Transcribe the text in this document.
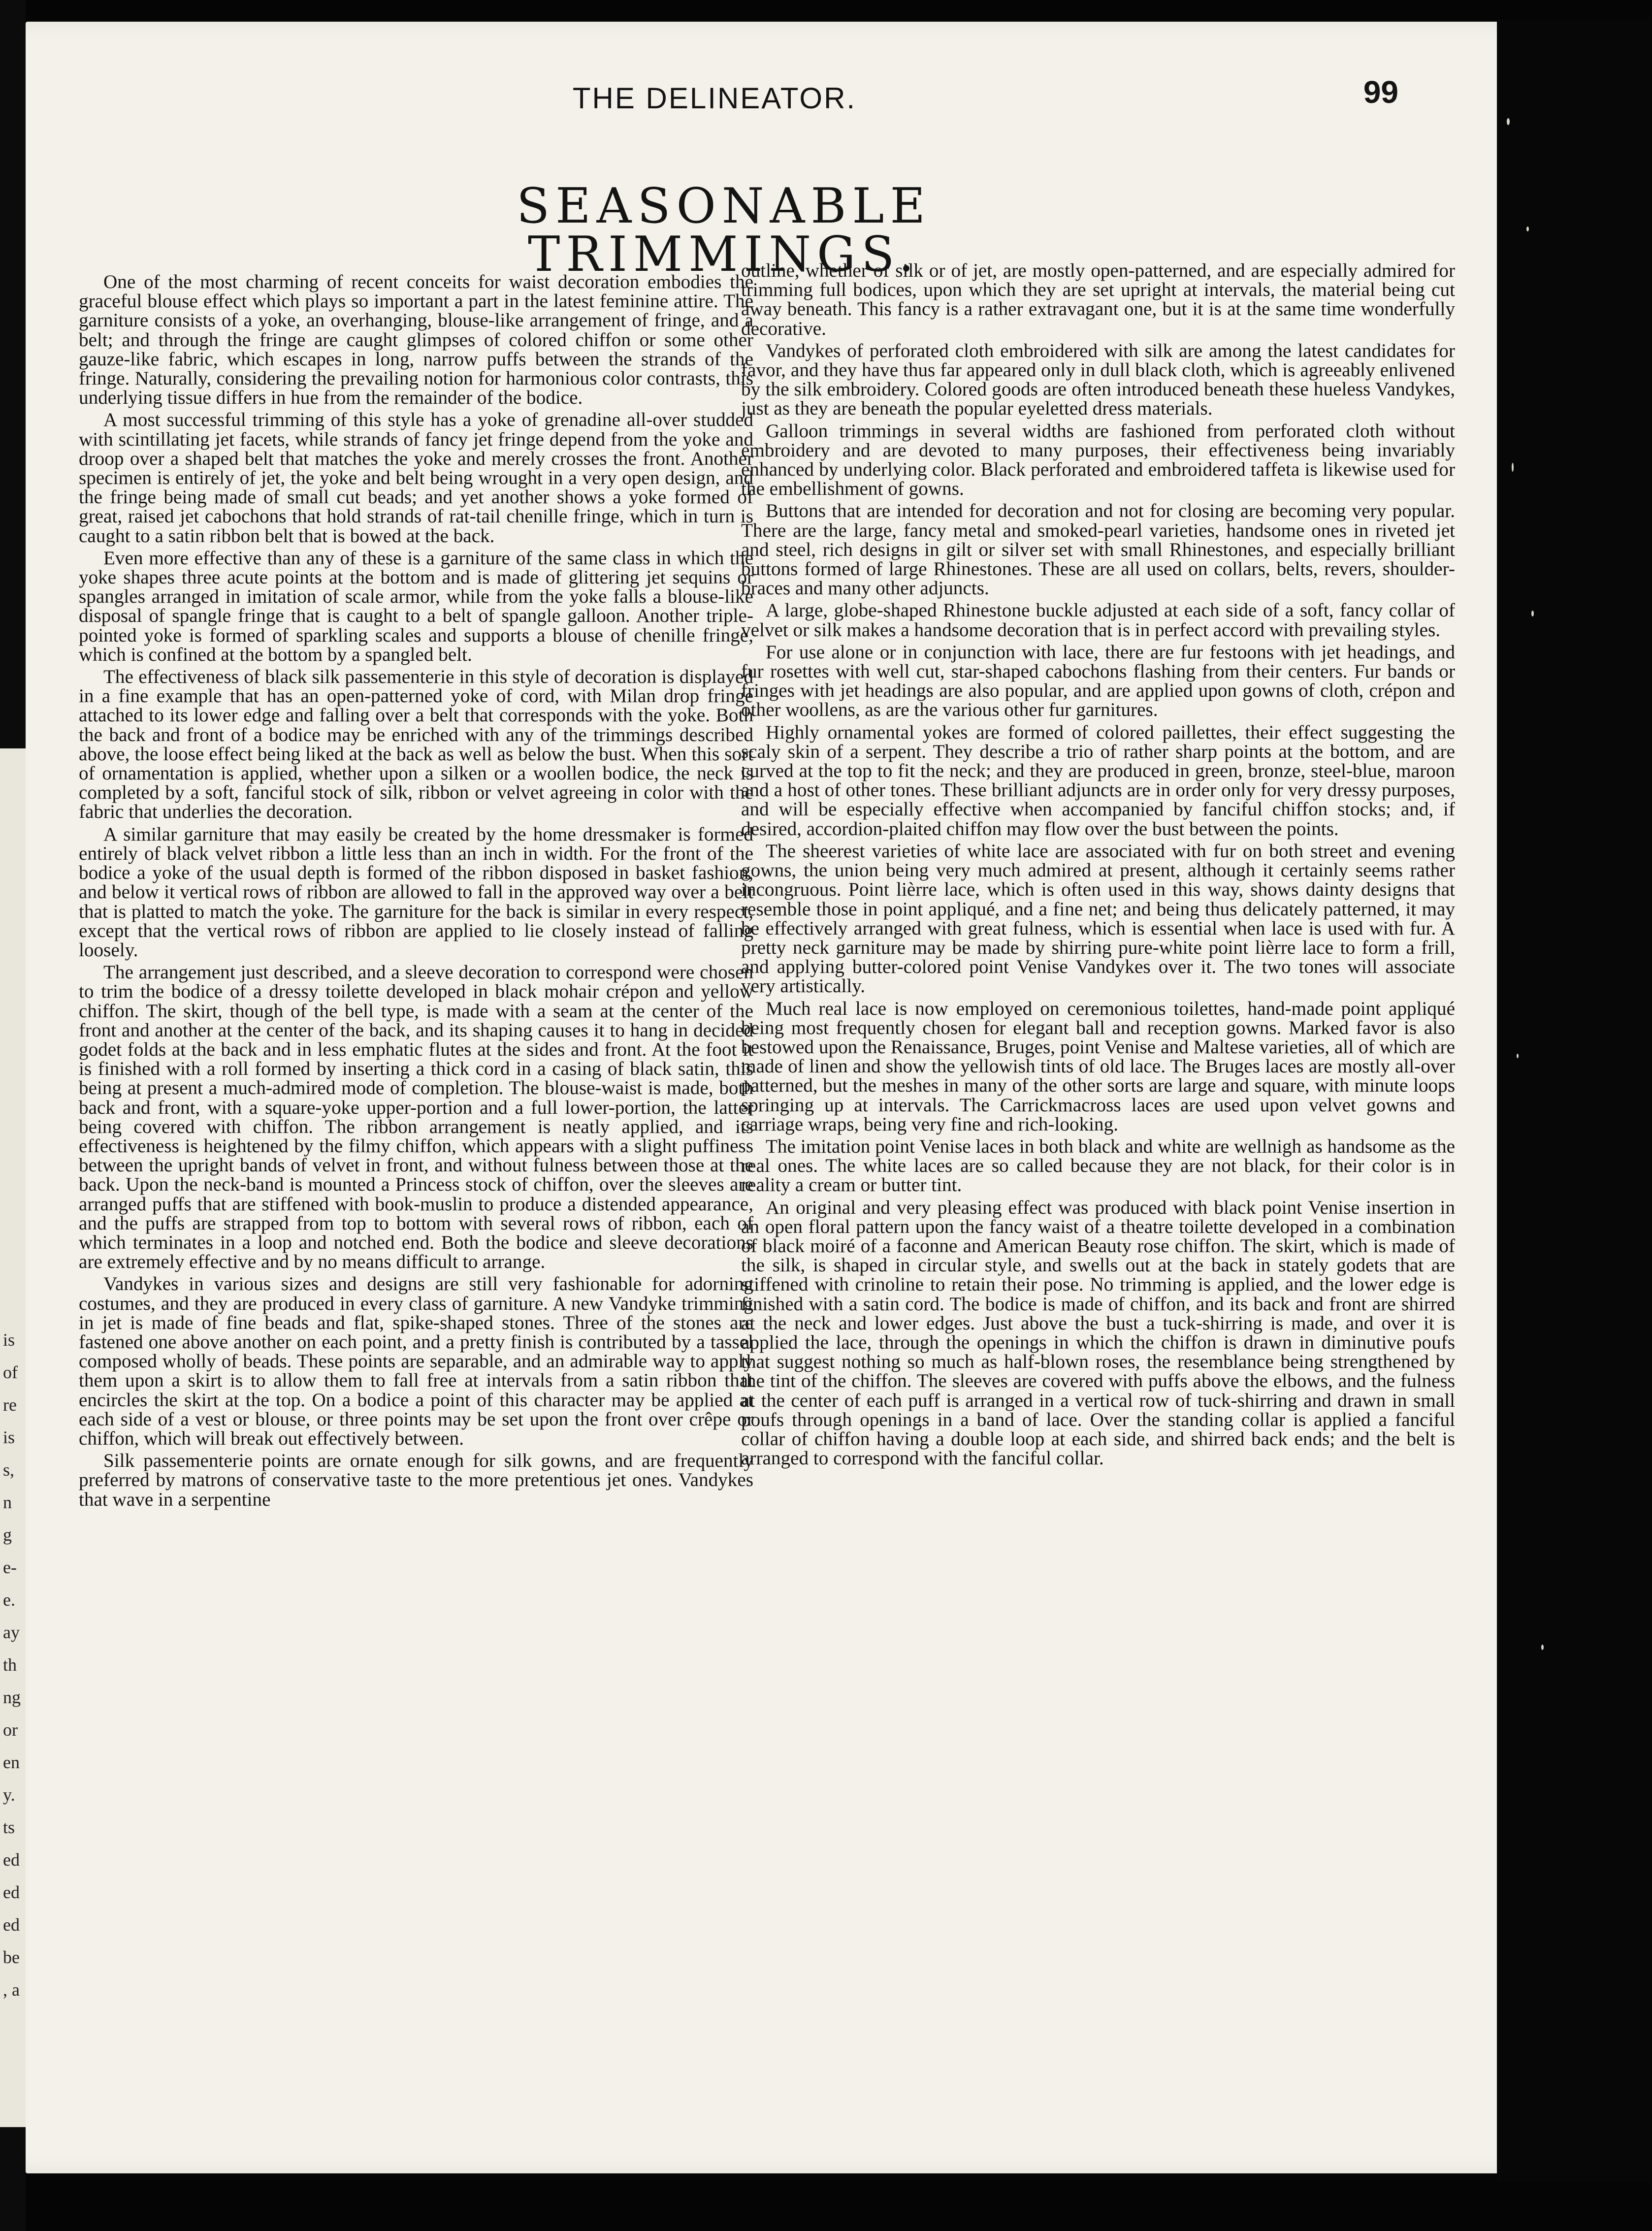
is
of
re
is
s,
n
g
e-
e.
ay
th
ng
or
en
y.
ts
ed
ed
ed
be
, a
THE DELINEATOR.	99
SEASONABLE TRIMMINGS.

One of the most charming of recent conceits for waist decoration embodies the graceful blouse effect which plays so important a part in the latest feminine attire. The garniture consists of a yoke, an overhanging, blouse-like arrangement of fringe, and a belt; and through the fringe are caught glimpses of colored chiffon or some other gauze-like fabric, which escapes in long, narrow puffs between the strands of the fringe. Naturally, considering the prevailing notion for harmonious color contrasts, this underlying tissue differs in hue from the remainder of the bodice.

A most successful trimming of this style has a yoke of grenadine all-over studded with scintillating jet facets, while strands of fancy jet fringe depend from the yoke and droop over a shaped belt that matches the yoke and merely crosses the front. Another specimen is entirely of jet, the yoke and belt being wrought in a very open design, and the fringe being made of small cut beads; and yet another shows a yoke formed of great, raised jet cabochons that hold strands of rat-tail chenille fringe, which in turn is caught to a satin ribbon belt that is bowed at the back.

Even more effective than any of these is a garniture of the same class in which the yoke shapes three acute points at the bottom and is made of glittering jet sequins or spangles arranged in imitation of scale armor, while from the yoke falls a blouse-like disposal of spangle fringe that is caught to a belt of spangle galloon. Another triple-pointed yoke is formed of sparkling scales and supports a blouse of chenille fringe, which is confined at the bottom by a spangled belt.

The effectiveness of black silk passementerie in this style of decoration is displayed in a fine example that has an open-patterned yoke of cord, with Milan drop fringe attached to its lower edge and falling over a belt that corresponds with the yoke. Both the back and front of a bodice may be enriched with any of the trimmings described above, the loose effect being liked at the back as well as below the bust. When this sort of ornamentation is applied, whether upon a silken or a woollen bodice, the neck is completed by a soft, fanciful stock of silk, ribbon or velvet agreeing in color with the fabric that underlies the decoration.

A similar garniture that may easily be created by the home dressmaker is formed entirely of black velvet ribbon a little less than an inch in width. For the front of the bodice a yoke of the usual depth is formed of the ribbon disposed in basket fashion, and below it vertical rows of ribbon are allowed to fall in the approved way over a belt that is platted to match the yoke. The garniture for the back is similar in every respect, except that the vertical rows of ribbon are applied to lie closely instead of falling loosely.

The arrangement just described, and a sleeve decoration to correspond were chosen to trim the bodice of a dressy toilette developed in black mohair crépon and yellow chiffon. The skirt, though of the bell type, is made with a seam at the center of the front and another at the center of the back, and its shaping causes it to hang in decided godet folds at the back and in less emphatic flutes at the sides and front. At the foot it is finished with a roll formed by inserting a thick cord in a casing of black satin, this being at present a much-admired mode of completion. The blouse-waist is made, both back and front, with a square-yoke upper-portion and a full lower-portion, the latter being covered with chiffon. The ribbon arrangement is neatly applied, and its effectiveness is heightened by the filmy chiffon, which appears with a slight puffiness between the upright bands of velvet in front, and without fulness between those at the back. Upon the neck-band is mounted a Princess stock of chiffon, over the sleeves are arranged puffs that are stiffened with book-muslin to produce a distended appearance, and the puffs are strapped from top to bottom with several rows of ribbon, each of which terminates in a loop and notched end. Both the bodice and sleeve decorations are extremely effective and by no means difficult to arrange.

Vandykes in various sizes and designs are still very fashionable for adorning costumes, and they are produced in every class of garniture. A new Vandyke trimming in jet is made of fine beads and flat, spike-shaped stones. Three of the stones are fastened one above another on each point, and a pretty finish is contributed by a tassel composed wholly of beads. These points are separable, and an admirable way to apply them upon a skirt is to allow them to fall free at intervals from a satin ribbon that encircles the skirt at the top. On a bodice a point of this character may be applied at each side of a vest or blouse, or three points may be set upon the front over crêpe or chiffon, which will break out effectively between.

Silk passementerie points are ornate enough for silk gowns, and are frequently preferred by matrons of conservative taste to the more pretentious jet ones. Vandykes that wave in a serpentine

outline, whether of silk or of jet, are mostly open-patterned, and are especially admired for trimming full bodices, upon which they are set upright at intervals, the material being cut away beneath. This fancy is a rather extravagant one, but it is at the same time wonderfully decorative.

Vandykes of perforated cloth embroidered with silk are among the latest candidates for favor, and they have thus far appeared only in dull black cloth, which is agreeably enlivened by the silk embroidery. Colored goods are often introduced beneath these hueless Vandykes, just as they are beneath the popular eyeletted dress materials.

Galloon trimmings in several widths are fashioned from perforated cloth without embroidery and are devoted to many purposes, their effectiveness being invariably enhanced by underlying color. Black perforated and embroidered taffeta is likewise used for the embellishment of gowns.

Buttons that are intended for decoration and not for closing are becoming very popular. There are the large, fancy metal and smoked-pearl varieties, handsome ones in riveted jet and steel, rich designs in gilt or silver set with small Rhinestones, and especially brilliant buttons formed of large Rhinestones. These are all used on collars, belts, revers, shoulder-braces and many other adjuncts.

A large, globe-shaped Rhinestone buckle adjusted at each side of a soft, fancy collar of velvet or silk makes a handsome decoration that is in perfect accord with prevailing styles.

For use alone or in conjunction with lace, there are fur festoons with jet headings, and fur rosettes with well cut, star-shaped cabochons flashing from their centers. Fur bands or fringes with jet headings are also popular, and are applied upon gowns of cloth, crépon and other woollens, as are the various other fur garnitures.

Highly ornamental yokes are formed of colored paillettes, their effect suggesting the scaly skin of a serpent. They describe a trio of rather sharp points at the bottom, and are curved at the top to fit the neck; and they are produced in green, bronze, steel-blue, maroon and a host of other tones. These brilliant adjuncts are in order only for very dressy purposes, and will be especially effective when accompanied by fanciful chiffon stocks; and, if desired, accordion-plaited chiffon may flow over the bust between the points.

The sheerest varieties of white lace are associated with fur on both street and evening gowns, the union being very much admired at present, although it certainly seems rather incongruous. Point lièrre lace, which is often used in this way, shows dainty designs that resemble those in point appliqué, and a fine net; and being thus delicately patterned, it may be effectively arranged with great fulness, which is essential when lace is used with fur. A pretty neck garniture may be made by shirring pure-white point lièrre lace to form a frill, and applying butter-colored point Venise Vandykes over it. The two tones will associate very artistically.

Much real lace is now employed on ceremonious toilettes, hand-made point appliqué being most frequently chosen for elegant ball and reception gowns. Marked favor is also bestowed upon the Renaissance, Bruges, point Venise and Maltese varieties, all of which are made of linen and show the yellowish tints of old lace. The Bruges laces are mostly all-over patterned, but the meshes in many of the other sorts are large and square, with minute loops springing up at intervals. The Carrickmacross laces are used upon velvet gowns and carriage wraps, being very fine and rich-looking.

The imitation point Venise laces in both black and white are wellnigh as handsome as the real ones. The white laces are so called because they are not black, for their color is in reality a cream or butter tint.

An original and very pleasing effect was produced with black point Venise insertion in an open floral pattern upon the fancy waist of a theatre toilette developed in a combination of black moiré of a faconne and American Beauty rose chiffon. The skirt, which is made of the silk, is shaped in circular style, and swells out at the back in stately godets that are stiffened with crinoline to retain their pose. No trimming is applied, and the lower edge is finished with a satin cord. The bodice is made of chiffon, and its back and front are shirred at the neck and lower edges. Just above the bust a tuck-shirring is made, and over it is applied the lace, through the openings in which the chiffon is drawn in diminutive poufs that suggest nothing so much as half-blown roses, the resemblance being strengthened by the tint of the chiffon. The sleeves are covered with puffs above the elbows, and the fulness at the center of each puff is arranged in a vertical row of tuck-shirring and drawn in small poufs through openings in a band of lace. Over the standing collar is applied a fanciful collar of chiffon having a double loop at each side, and shirred back ends; and the belt is arranged to correspond with the fanciful collar.
